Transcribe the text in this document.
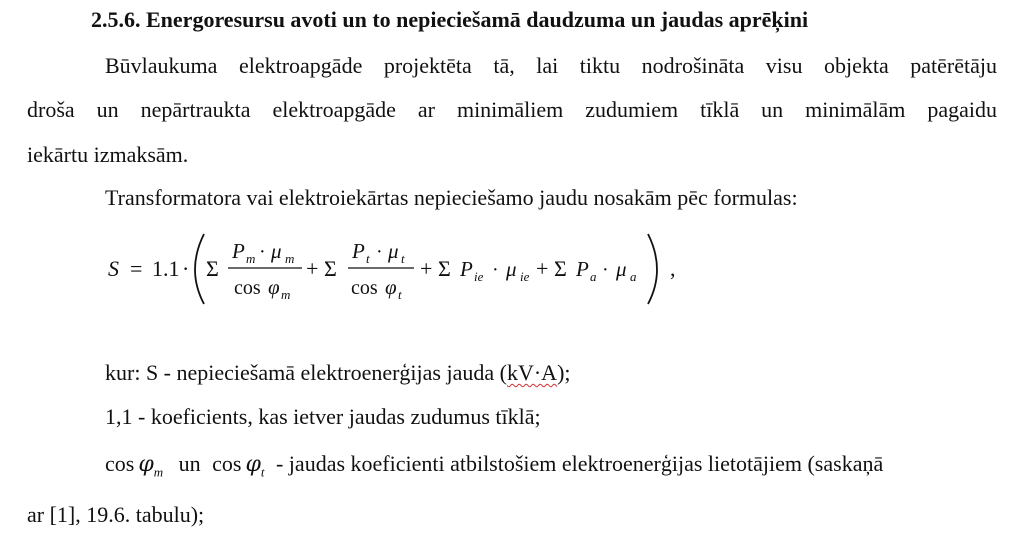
2.5.6. Energoresursu avoti un to nepieciešamā daudzuma un jaudas aprēķini
Būvlaukuma elektroapgāde projektēta tā, lai tiktu nodrošināta visu objekta patērētāju
droša un nepārtraukta elektroapgāde ar minimāliem zudumiem tīklā un minimālām pagaidu
iekārtu izmaksām.
Transformatora vai elektroiekārtas nepieciešamo jaudu nosakām pēc formulas:
S = 1.1 · Σ
P m · μ m
cos φ m
+ Σ
P t · μ t
cos φ t
+ Σ P ie · μ ie + Σ P a · μ a ,
kur: S - nepieciešamā elektroenerģijas jauda (kV·A);
1,1 - koeficients, kas ietver jaudas zudumus tīklā;
$\cos \varphi_m$ un $\cos \varphi_t$ - jaudas koeficienti atbilstošiem elektroenerģijas lietotājiem (saskaņā
ar [1], 19.6. tabulu);
